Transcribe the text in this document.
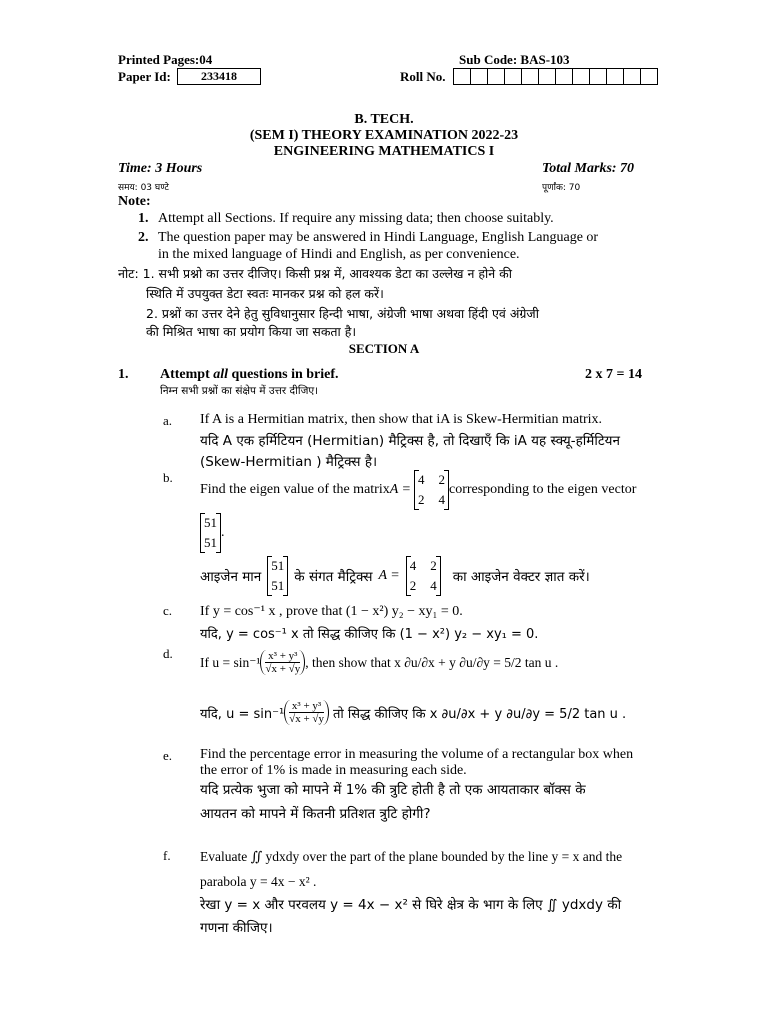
Printed Pages:04	Sub Code: BAS-103
Paper Id:	233418	Roll No.
B. TECH.
(SEM I) THEORY EXAMINATION 2022-23
ENGINEERING MATHEMATICS I
Time: 3 Hours
समय: 03 घण्टे
Total Marks: 70
पूर्णांक: 70
Note:
1. Attempt all Sections. If require any missing data; then choose suitably.
2. The question paper may be answered in Hindi Language, English Language or
in the mixed language of Hindi and English, as per convenience.
नोट: 1. सभी प्रश्नो का उत्तर दीजिए। किसी प्रश्न में, आवश्यक डेटा का उल्लेख न होने की
स्थिति में उपयुक्त डेटा स्वतः मानकर प्रश्न को हल करें।
2. प्रश्नों का उत्तर देने हेतु सुविधानुसार हिन्दी भाषा, अंग्रेजी भाषा अथवा हिंदी एवं अंग्रेजी
की मिश्रित भाषा का प्रयोग किया जा सकता है।
SECTION A
1. Attempt all questions in brief.	2 x 7 = 14
निम्न सभी प्रश्नों का संक्षेप में उत्तर दीजिए।
a. If A is a Hermitian matrix, then show that iA is Skew-Hermitian matrix.
यदि A एक हर्मिटियन (Hermitian) मैट्रिक्स है, तो दिखाएँ कि iA यह स्क्यू-हर्मिटियन
(Skew-Hermitian ) मैट्रिक्स है।
b.
Find the eigen value of the matrix A =
4 2
2 4
corresponding to the eigen vector
51
51
.
आइजेन मान
51
51
के संगत मैट्रिक्स A =
4 2
2 4
का आइजेन वेक्टर ज्ञात करें।
c. If y = cos⁻¹ x , prove that (1 − x²) y₂ − xy₁ = 0.
यदि, y = cos⁻¹ x तो सिद्ध कीजिए कि (1 − x²) y₂ − xy₁ = 0.
d.
If $u = \sin^{-1} \frac{\text{x³ + y³}}{√x + √y}$ , then show that x ∂u/∂x + y ∂u/∂y = 5/2 tan u .
यदि, $u = \sin^{-1} \frac{\text{x³ + y³}}{√x + √y}$ तो सिद्ध कीजिए कि x ∂u/∂x + y ∂u/∂y = 5/2 tan u .
e. Find the percentage error in measuring the volume of a rectangular box when
the error of 1% is made in measuring each side.
यदि प्रत्येक भुजा को मापने में 1% की त्रुटि होती है तो एक आयताकार बॉक्स के
आयतन को मापने में कितनी प्रतिशत त्रुटि होगी?
f. Evaluate ∬ ydxdy over the part of the plane bounded by the line y = x and the
parabola y = 4x − x² .
रेखा y = x और परवलय y = 4x − x² से घिरे क्षेत्र के भाग के लिए ∬ ydxdy की
गणना कीजिए।
